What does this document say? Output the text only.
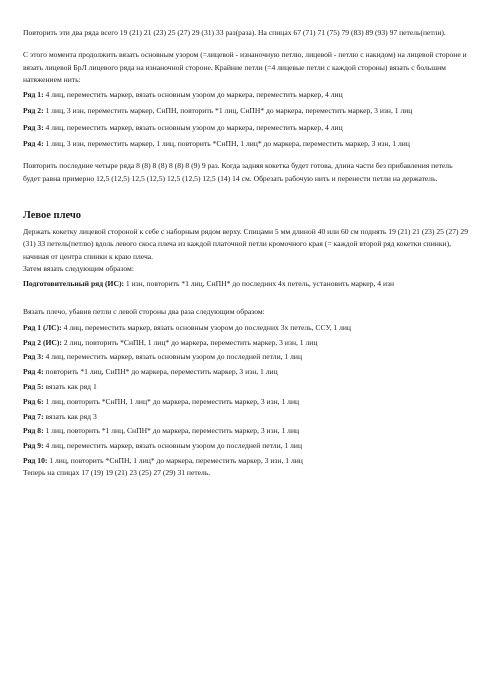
Повторить эти два ряда всего 19 (21) 21 (23) 25 (27) 29 (31) 33 раз(раза). На спицах 67 (71) 71 (75) 79 (83) 89 (93) 97 петель(петли).

С этого момента продолжить вязать основным узором (=лицевой - изнаночную петлю, лицевой - петлю с накидом) на лицевой стороне и вязать лицевой БрЛ лицевого ряда на изнаночной стороне. Крайние петли (=4 лицевые петли с каждой стороны) вязать с большим натяжением нить:

Ряд 1: 4 лиц, переместить маркер, вязать основным узором до маркера, переместить маркер, 4 лиц

Ряд 2: 1 лиц, 3 изн, переместить маркер, СнПН, повторить *1 лиц, СнПН* до маркера, переместить маркер, 3 изн, 1 лиц

Ряд 3: 4 лиц, переместить маркер, вязать основным узором до маркера, переместить маркер, 4 лиц

Ряд 4: 1 лиц, 3 изн, переместить маркер, 1 лиц, повторить *СнПН, 1 лиц* до маркера, переместить маркер, 3 изн, 1 лиц

Повторить последние четыре ряда 8 (8) 8 (8) 8 (8) 8 (9) 9 раз. Когда задняя кокетка будет готова, длина части без прибавления петель будет равна примерно 12,5 (12,5) 12,5 (12,5) 12,5 (12,5) 12,5 (14) 14 см. Обрезать рабочую нить и перенести петли на держатель.

Левое плечо

Держать кокетку лицевой стороной к себе с наборным рядом верху. Спицами 5 мм длиной 40 или 60 см поднять 19 (21) 21 (23) 25 (27) 29 (31) 33 петель(петлю) вдоль левого скоса плеча из каждой платочной петли кромочного края (= каждой второй ряд кокетки спинки), начиная от центра спинки к краю плеча.

Затем вязать следующим образом:

Подготовительный ряд (ИС): 1 изн, повторить *1 лиц, СнПН* до последних 4х петель, установить маркер, 4 изн

Вязать плечо, убавив петли с левой стороны два раза следующим образом:

Ряд 1 (ЛС): 4 лиц, переместить маркер, вязать основным узором до последних 3х петель, ССУ, 1 лиц

Ряд 2 (ИС): 2 лиц, повторить *СнПН, 1 лиц* до маркера, переместить маркер, 3 изн, 1 лиц

Ряд 3: 4 лиц, переместить маркер, вязать основным узором до последней петли, 1 лиц

Ряд 4: повторить *1 лиц, СнПН* до маркера, переместить маркер, 3 изн, 1 лиц

Ряд 5: вязать как ряд 1

Ряд 6: 1 лиц, повторить *СнПН, 1 лиц* до маркера, переместить маркер, 3 изн, 1 лиц

Ряд 7: вязать как ряд 3

Ряд 8: 1 лиц, повторить *1 лиц, СнПН* до маркера, переместить маркер, 3 изн, 1 лиц

Ряд 9: 4 лиц, переместить маркер, вязать основным узором до последней петли, 1 лиц

Ряд 10: 1 лиц, повторить *СнПН, 1 лиц* до маркера, переместить маркер, 3 изн, 1 лиц

Теперь на спицах 17 (19) 19 (21) 23 (25) 27 (29) 31 петель.
